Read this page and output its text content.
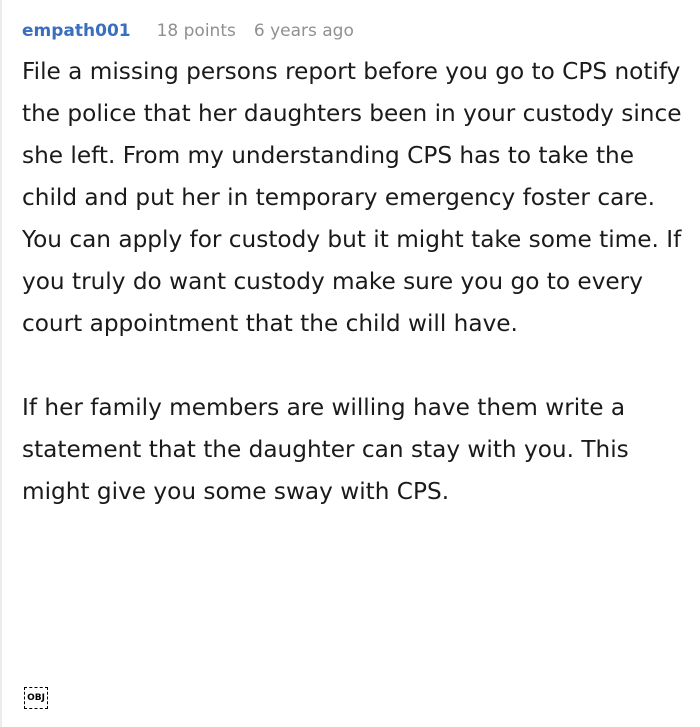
empath001 18 points 6 years ago

File a missing persons report before you go to CPS notify the police that her daughters been in your custody since she left. From my understanding CPS has to take the child and put her in temporary emergency foster care. You can apply for custody but it might take some time. If you truly do want custody make sure you go to every court appointment that the child will have.

If her family members are willing have them write a statement that the daughter can stay with you. This might give you some sway with CPS.

OBJ
